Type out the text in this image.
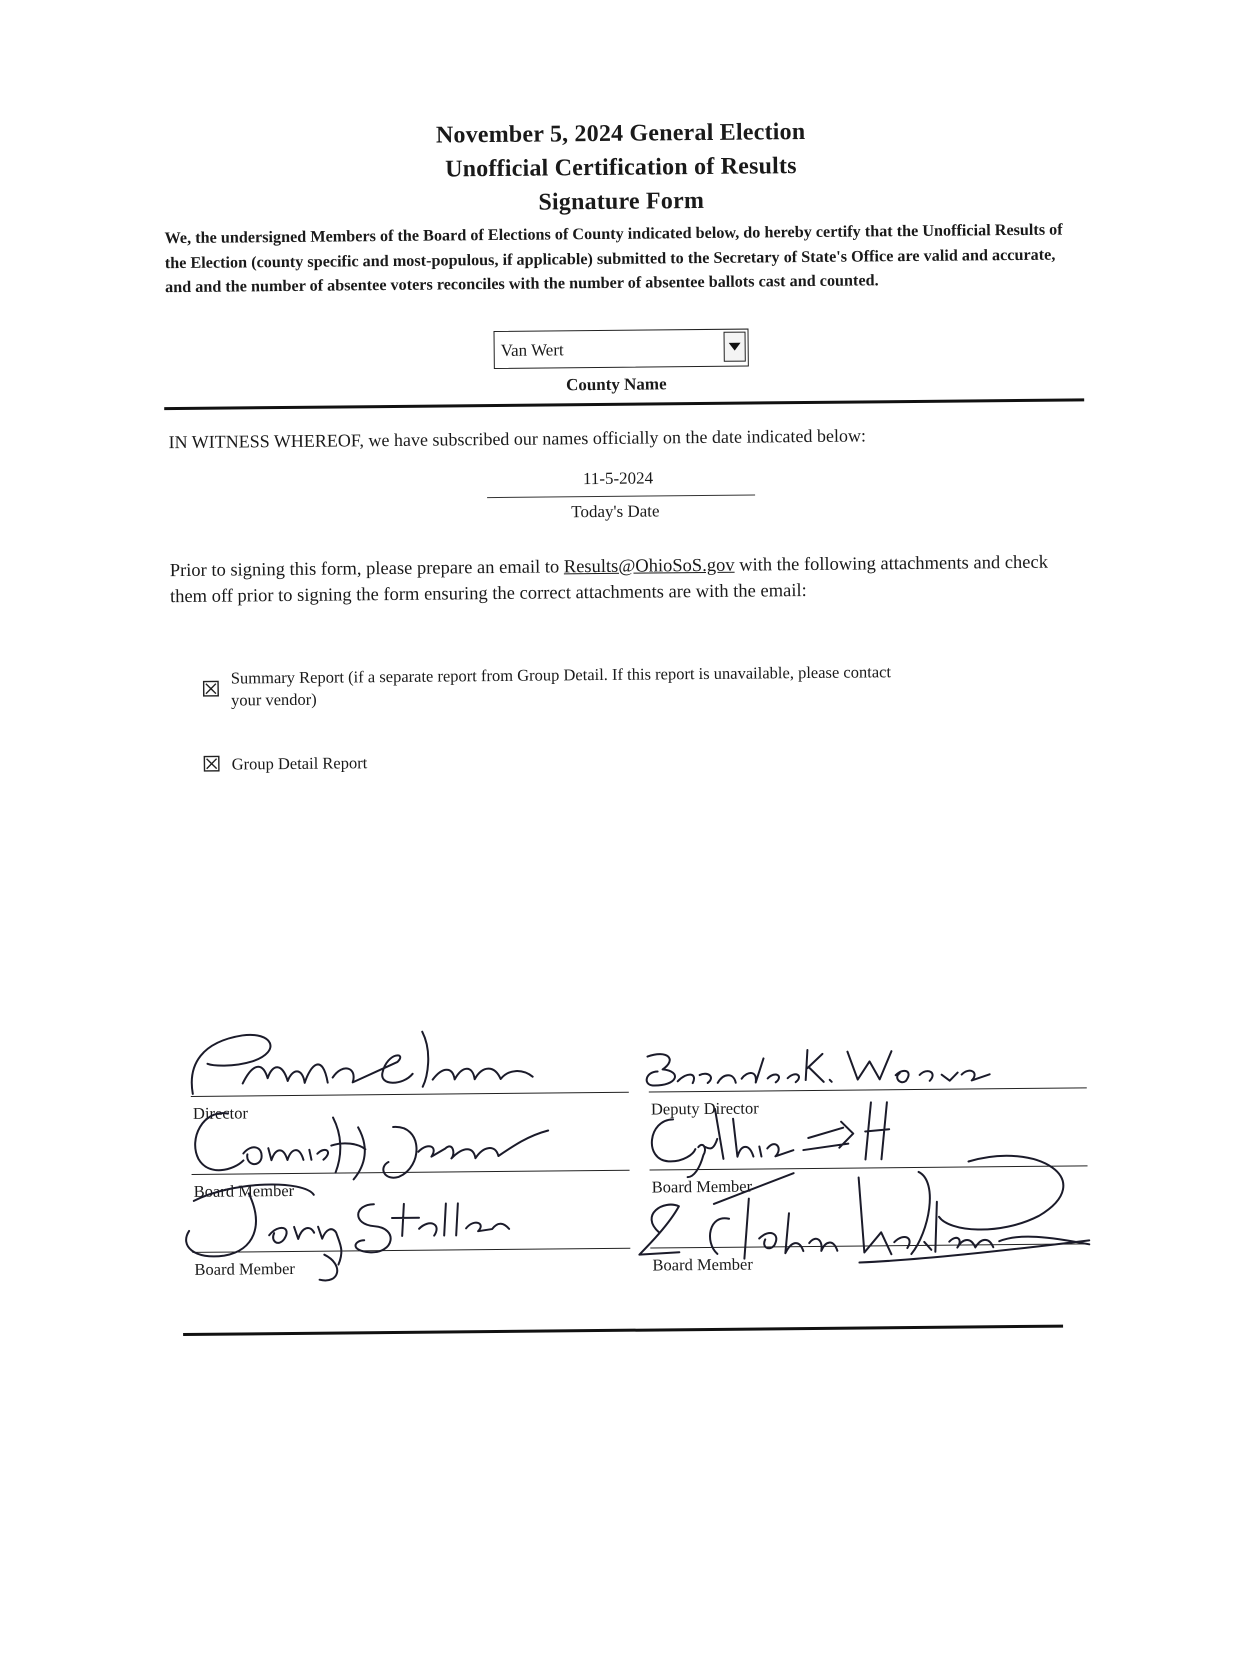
November 5, 2024 General Election
Unofficial Certification of Results
Signature Form
We, the undersigned Members of the Board of Elections of County indicated below, do hereby certify that the Unofficial Results of the Election (county specific and most-populous, if applicable) submitted to the Secretary of State's Office are valid and accurate, and and the number of absentee voters reconciles with the number of absentee ballots cast and counted.
Van Wert
County Name
IN WITNESS WHEREOF, we have subscribed our names officially on the date indicated below:
11-5-2024
Today's Date
Prior to signing this form, please prepare an email to Results@OhioSoS.gov with the following attachments and check them off prior to signing the form ensuring the correct attachments are with the email:
Summary Report (if a separate report from Group Detail. If this report is unavailable, please contact
your vendor)
Group Detail Report
Director
Board Member
Board Member
Deputy Director
Board Member
Board Member
